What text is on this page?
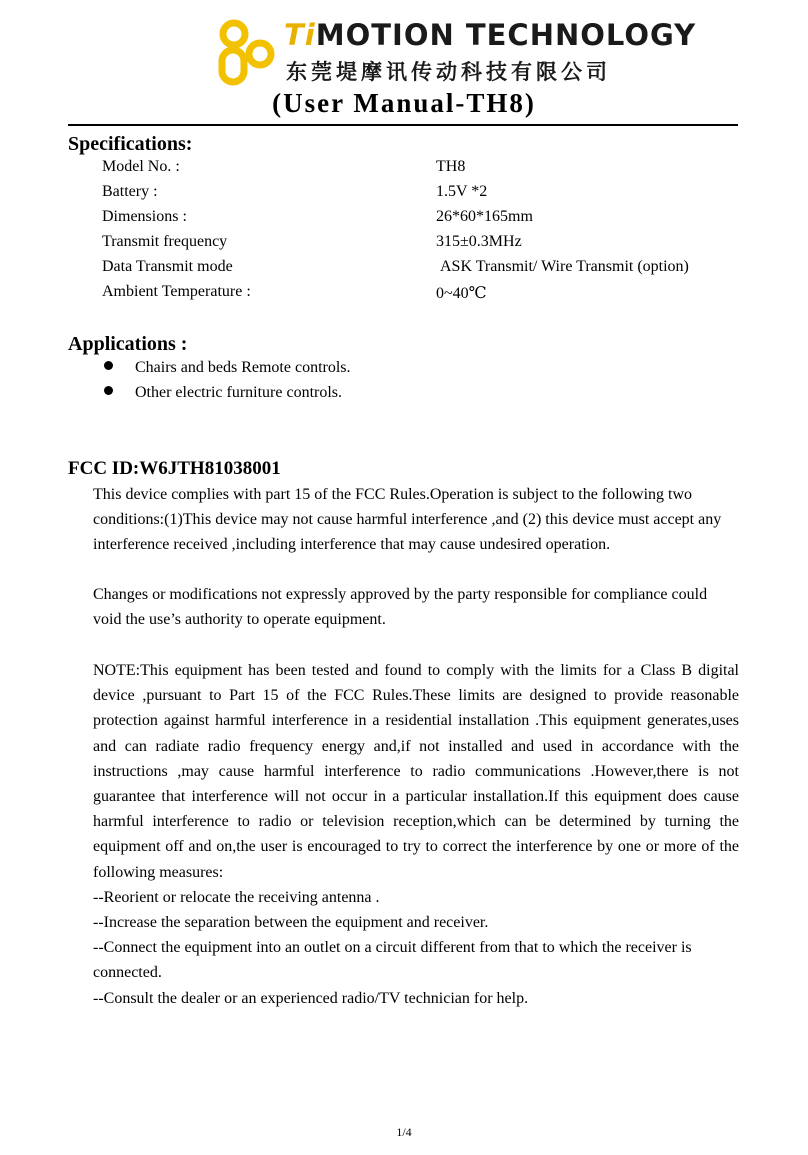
TiMOTION TECHNOLOGY
东莞堤摩讯传动科技有限公司
(User Manual-TH8)
Specifications:
Model No. :	TH8
Battery :	1.5V *2
Dimensions :	26*60*165mm
Transmit frequency	315±0.3MHz
Data Transmit mode	ASK Transmit/ Wire Transmit (option)
Ambient Temperature :	0~40℃
Applications :
Chairs and beds Remote controls.
Other electric furniture controls.
FCC ID:W6JTH81038001

This device complies with part 15 of the FCC Rules.Operation is subject to the following two conditions:(1)This device may not cause harmful interference ,and (2) this device must accept any interference received ,including interference that may cause undesired operation.

Changes or modifications not expressly approved by the party responsible for compliance could void the use’s authority to operate equipment.

NOTE:This equipment has been tested and found to comply with the limits for a Class B digital device ,pursuant to Part 15 of the FCC Rules.These limits are designed to provide reasonable protection against harmful interference in a residential installation .This equipment generates,uses and can radiate radio frequency energy and,if not installed and used in accordance with the instructions ,may cause harmful interference to radio communications .However,there is not guarantee that interference will not occur in a particular installation.If this equipment does cause harmful interference to radio or television reception,which can be determined by turning the equipment off and on,the user is encouraged to try to correct the interference by one or more of the following measures:

--Reorient or relocate the receiving antenna .

--Increase the separation between the equipment and receiver.

--Connect the equipment into an outlet on a circuit different from that to which the receiver is connected.

--Consult the dealer or an experienced radio/TV technician for help.

1/4
